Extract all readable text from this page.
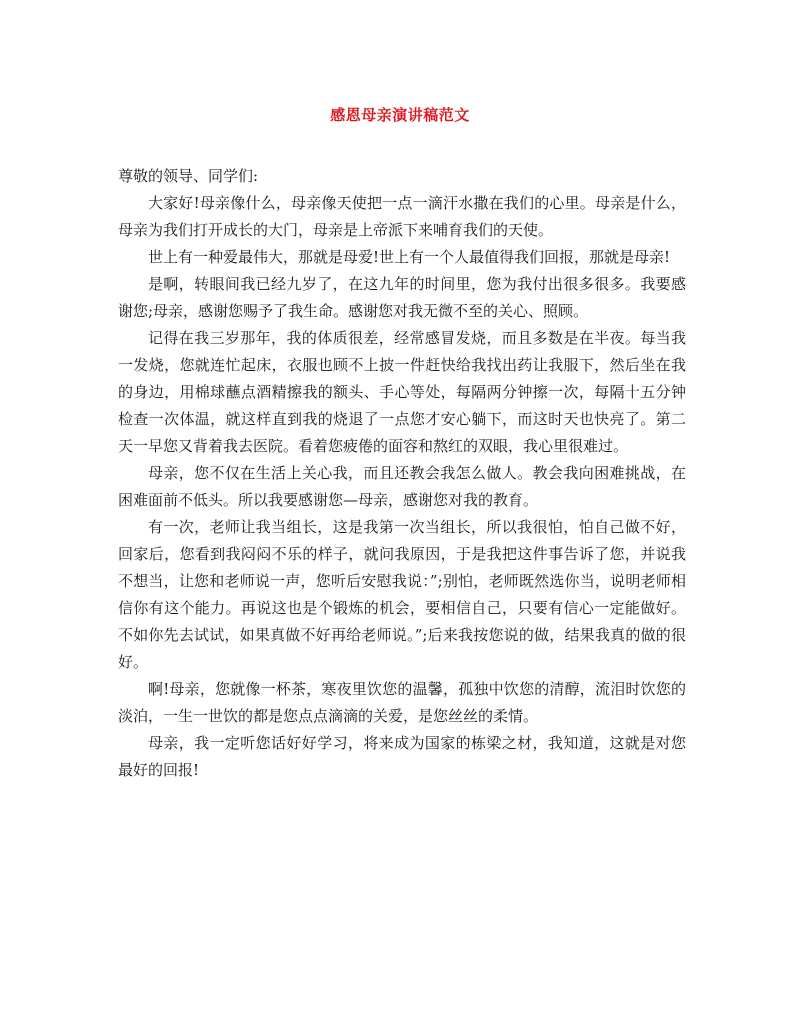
感恩母亲演讲稿范文

尊敬的领导、同学们:

大家好!母亲像什么，母亲像天使把一点一滴汗水撒在我们的心里。母亲是什么，母亲为我们打开成长的大门，母亲是上帝派下来哺育我们的天使。

世上有一种爱最伟大，那就是母爱!世上有一个人最值得我们回报，那就是母亲!

是啊，转眼间我已经九岁了，在这九年的时间里，您为我付出很多很多。我要感谢您;母亲，感谢您赐予了我生命。感谢您对我无微不至的关心、照顾。

记得在我三岁那年，我的体质很差，经常感冒发烧，而且多数是在半夜。每当我一发烧，您就连忙起床，衣服也顾不上披一件赶快给我找出药让我服下，然后坐在我的身边，用棉球蘸点酒精擦我的额头、手心等处，每隔两分钟擦一次，每隔十五分钟检查一次体温，就这样直到我的烧退了一点您才安心躺下，而这时天也快亮了。第二天一早您又背着我去医院。看着您疲倦的面容和熬红的双眼，我心里很难过。

母亲，您不仅在生活上关心我，而且还教会我怎么做人。教会我向困难挑战，在困难面前不低头。所以我要感谢您—母亲，感谢您对我的教育。

有一次，老师让我当组长，这是我第一次当组长，所以我很怕，怕自己做不好，回家后，您看到我闷闷不乐的样子，就问我原因，于是我把这件事告诉了您，并说我不想当，让您和老师说一声，您听后安慰我说：”;别怕，老师既然选你当，说明老师相信你有这个能力。再说这也是个锻炼的机会，要相信自己，只要有信心一定能做好。不如你先去试试，如果真做不好再给老师说。”;后来我按您说的做，结果我真的做的很好。

啊!母亲，您就像一杯茶，寒夜里饮您的温馨，孤独中饮您的清醇，流泪时饮您的淡泊，一生一世饮的都是您点点滴滴的关爱，是您丝丝的柔情。

母亲，我一定听您话好好学习，将来成为国家的栋梁之材，我知道，这就是对您最好的回报!
